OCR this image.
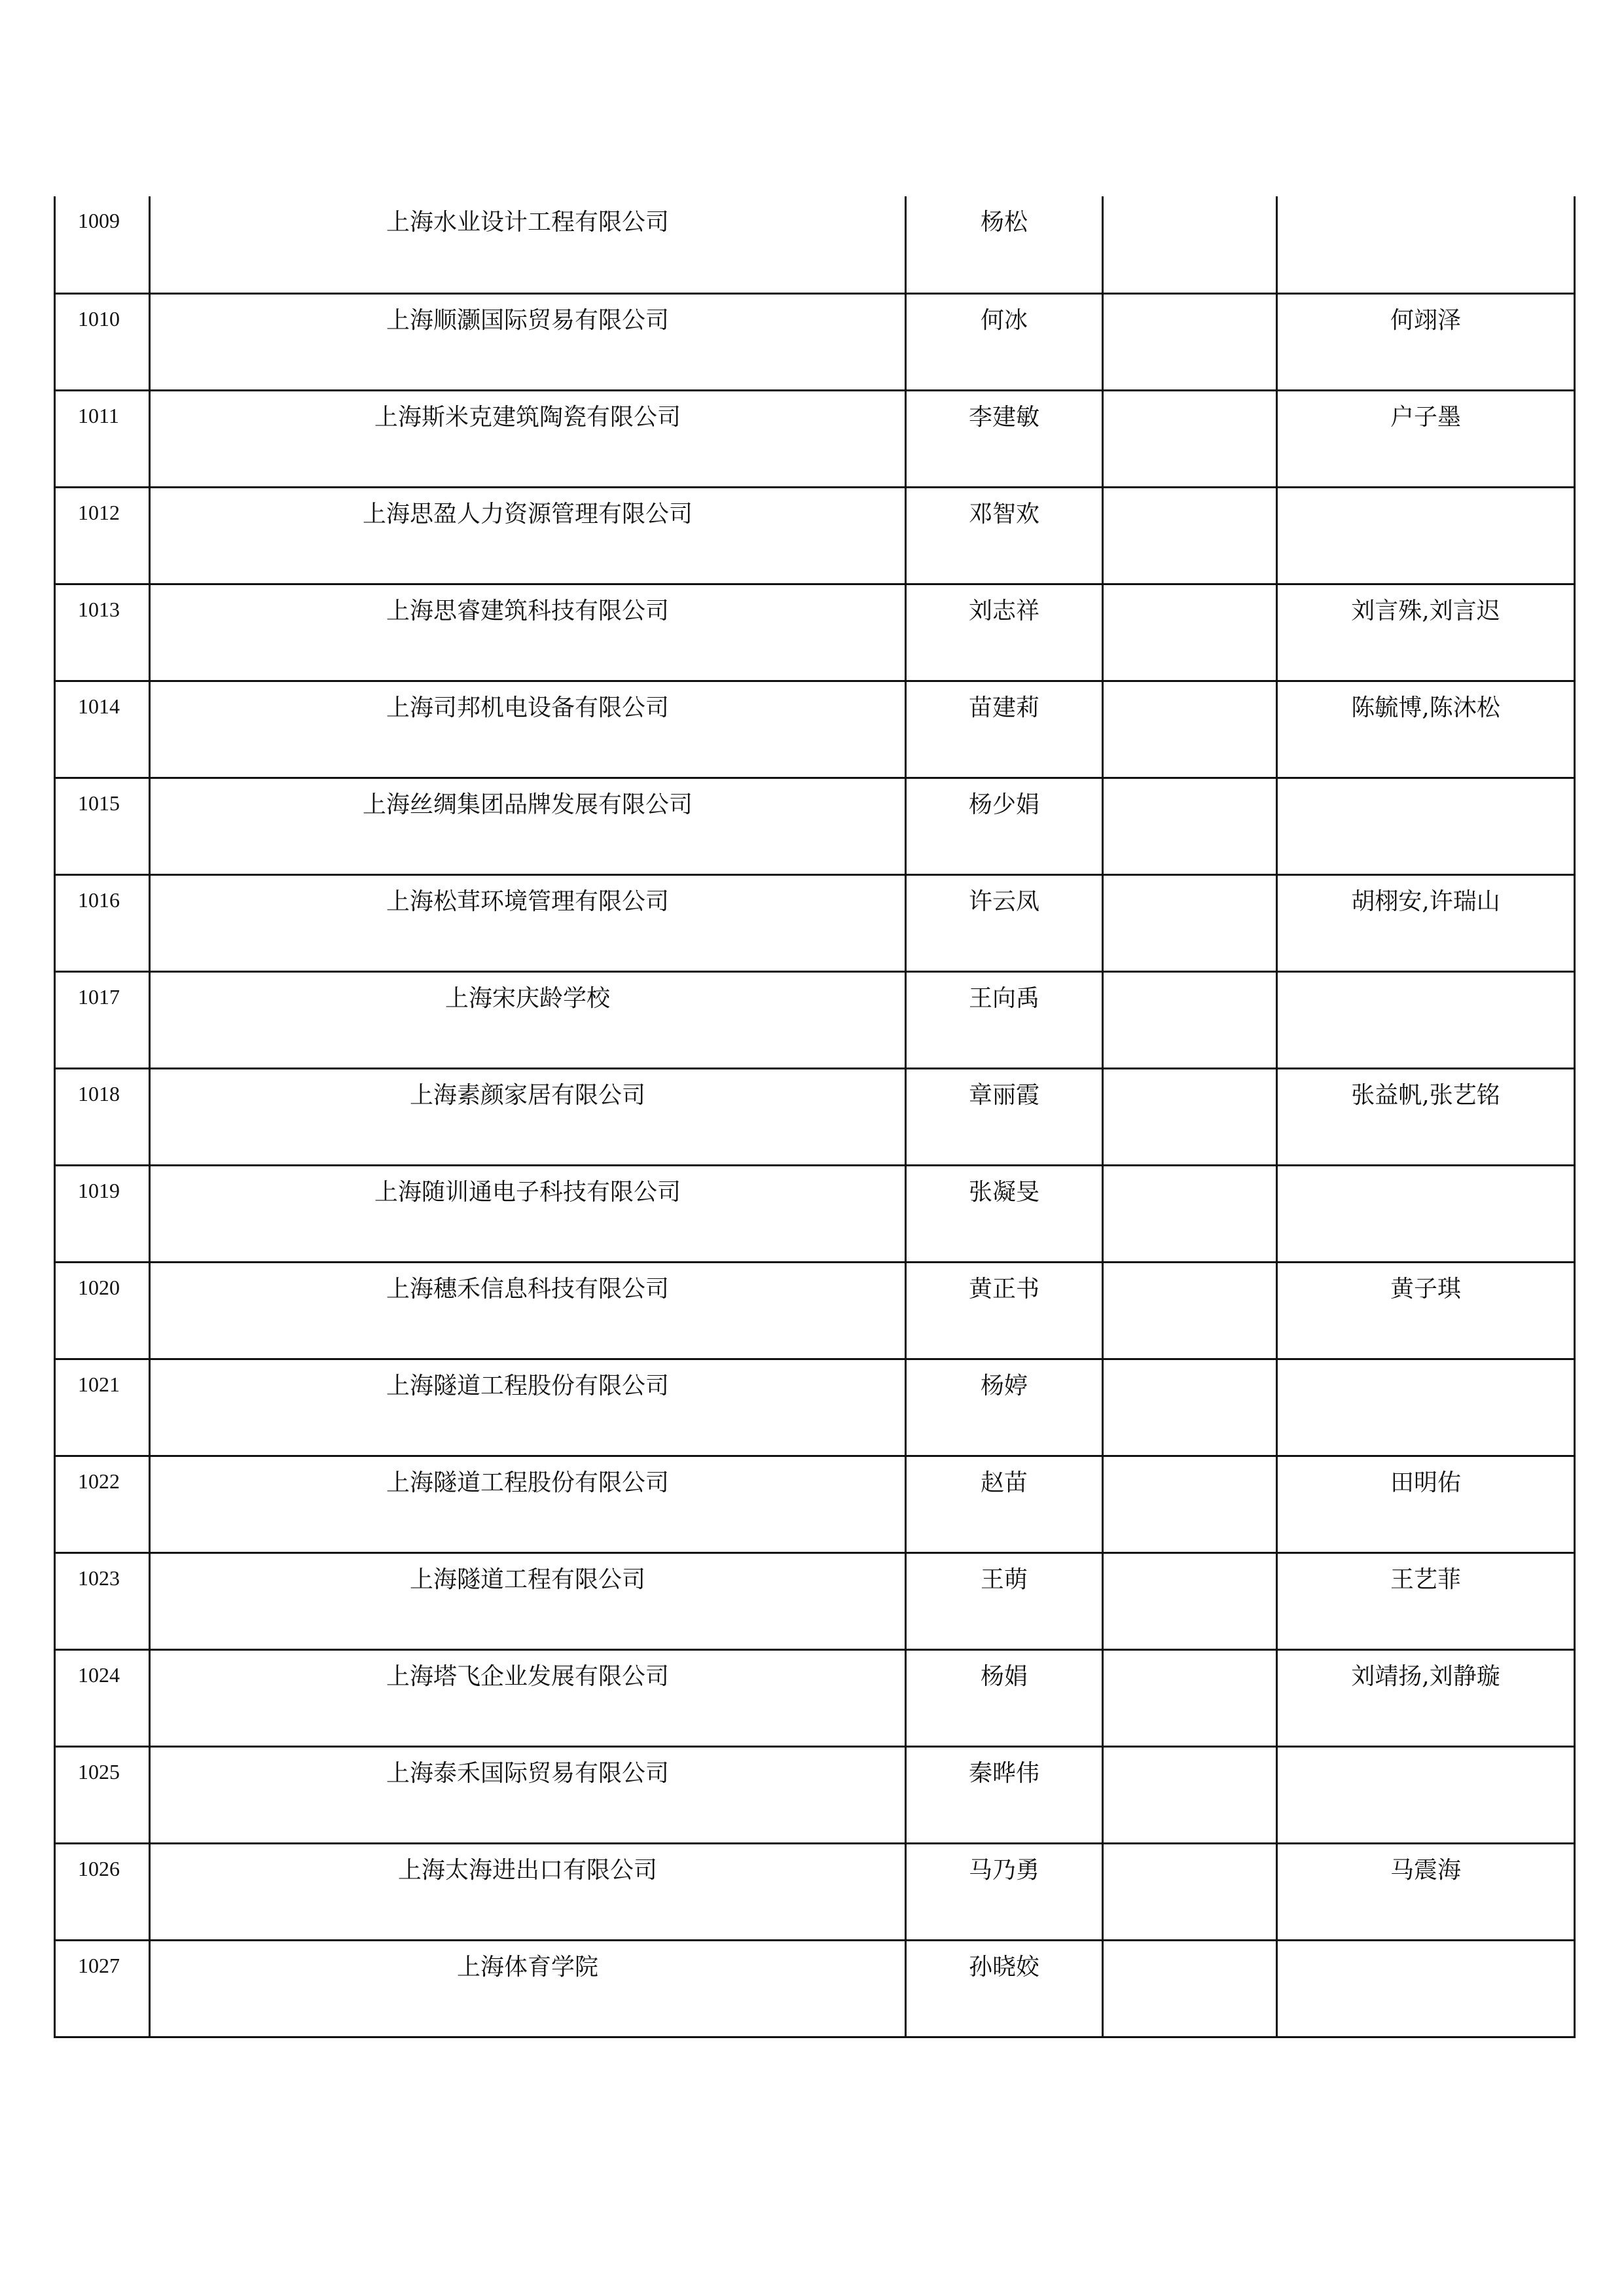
1009	上海水业设计工程有限公司	杨松		
1010	上海顺灏国际贸易有限公司	何冰		何翊泽
1011	上海斯米克建筑陶瓷有限公司	李建敏		户子墨
1012	上海思盈人力资源管理有限公司	邓智欢		
1013	上海思睿建筑科技有限公司	刘志祥		刘言殊,刘言迟
1014	上海司邦机电设备有限公司	苗建莉		陈毓博,陈沐松
1015	上海丝绸集团品牌发展有限公司	杨少娟		
1016	上海松茸环境管理有限公司	许云凤		胡栩安,许瑞山
1017	上海宋庆龄学校	王向禹		
1018	上海素颜家居有限公司	章丽霞		张益帆,张艺铭
1019	上海随训通电子科技有限公司	张凝旻		
1020	上海穗禾信息科技有限公司	黄正书		黄子琪
1021	上海隧道工程股份有限公司	杨婷		
1022	上海隧道工程股份有限公司	赵苗		田明佑
1023	上海隧道工程有限公司	王萌		王艺菲
1024	上海塔飞企业发展有限公司	杨娟		刘靖扬,刘静璇
1025	上海泰禾国际贸易有限公司	秦晔伟		
1026	上海太海进出口有限公司	马乃勇		马震海
1027	上海体育学院	孙晓姣		
